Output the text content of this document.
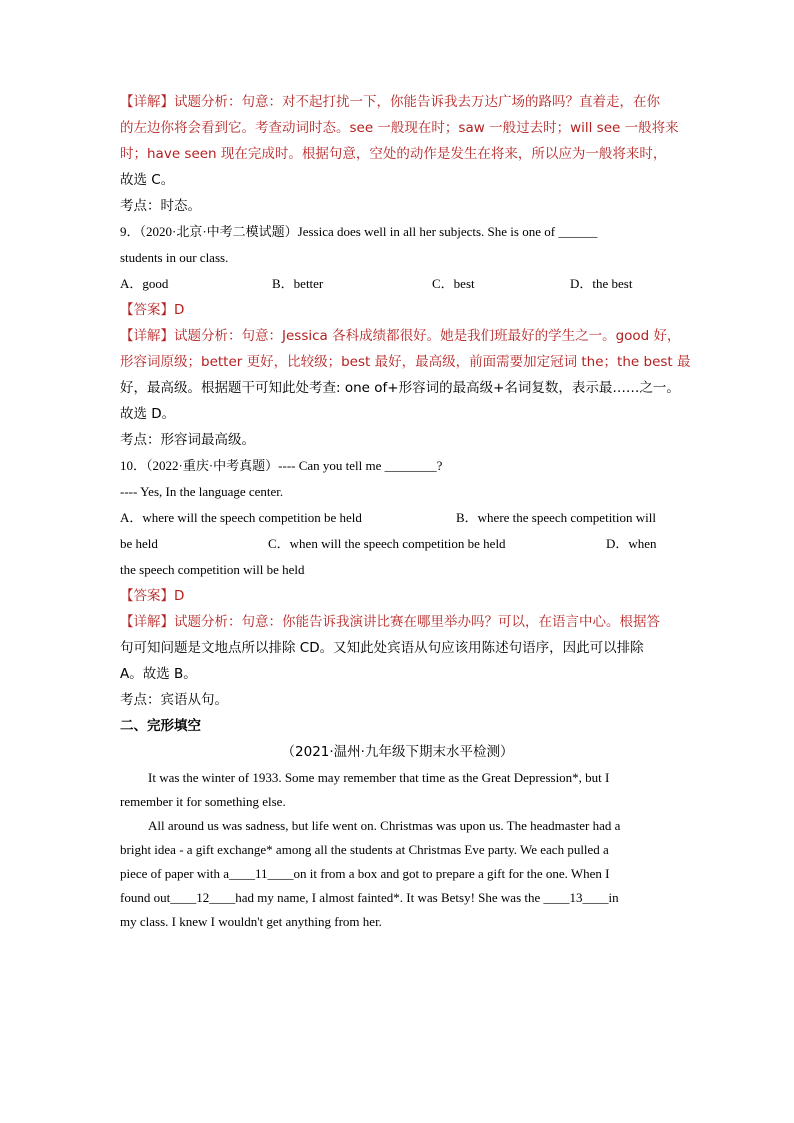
【详解】试题分析：句意：对不起打扰一下，你能告诉我去万达广场的路吗？直着走，在你
的左边你将会看到它。考查动词时态。see 一般现在时；saw 一般过去时；will see 一般将来
时；have seen 现在完成时。根据句意，空处的动作是发生在将来，所以应为一般将来时，
故选 C。
考点：时态。
9．（2020·北京·中考二模试题）Jessica does well in all her subjects. She is one of ______
students in our class.
A．good	B．better	C．best	D．the best
【答案】D
【详解】试题分析：句意：Jessica 各科成绩都很好。她是我们班最好的学生之一。good 好，
形容词原级；better 更好，比较级；best 最好，最高级，前面需要加定冠词 the；the best 最
好，最高级。根据题干可知此处考查: one of+形容词的最高级+名词复数，表示最……之一。
故选 D。
考点：形容词最高级。
10．（2022·重庆·中考真题）---- Can you tell me ________?
---- Yes, In the language center.
A．where will the speech competition be held	B．where the speech competition will
be held	C．when will the speech competition be held	D．when
the speech competition will be held
【答案】D
【详解】试题分析：句意：你能告诉我演讲比赛在哪里举办吗？可以，在语言中心。根据答
句可知问题是文地点所以排除 CD。又知此处宾语从句应该用陈述句语序，因此可以排除
A。故选 B。
考点：宾语从句。
二、完形填空
（2021·温州·九年级下期末水平检测）
It was the winter of 1933. Some may remember that time as the Great Depression*, but I
remember it for something else.
All around us was sadness, but life went on. Christmas was upon us. The headmaster had a
bright idea - a gift exchange* among all the students at Christmas Eve party. We each pulled a
piece of paper with a____11____on it from a box and got to prepare a gift for the one. When I
found out____12____had my name, I almost fainted*. It was Betsy! She was the ____13____in
my class. I knew I wouldn't get anything from her.
